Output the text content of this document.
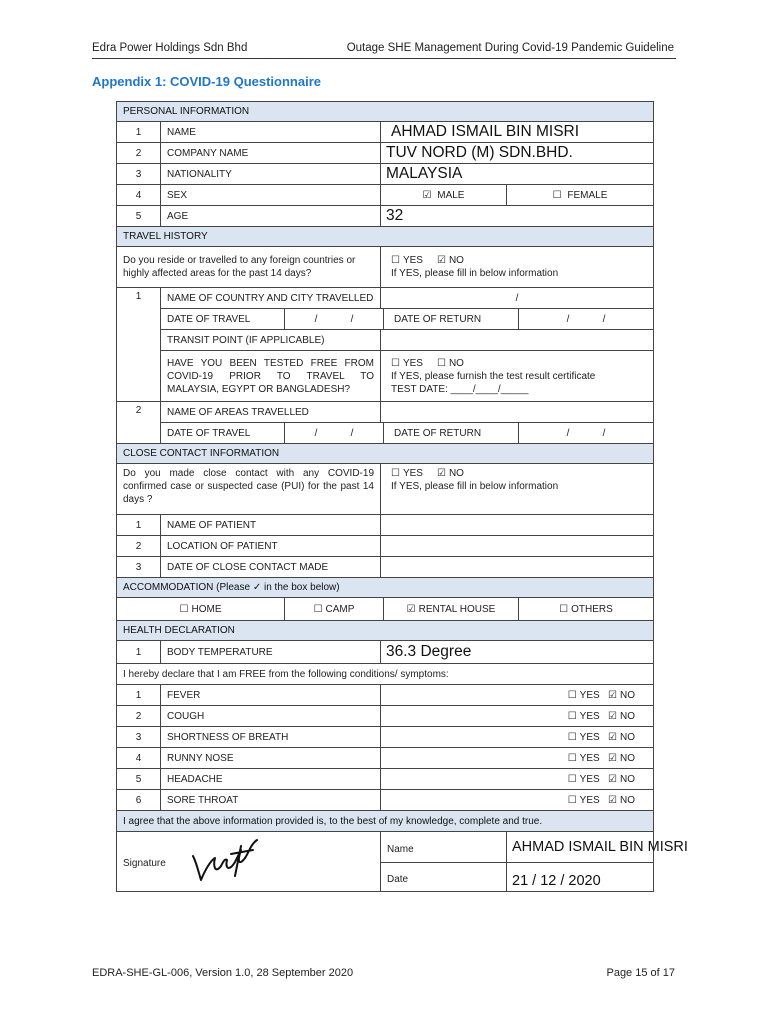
Edra Power Holdings Sdn Bhd	Outage SHE Management During Covid-19 Pandemic Guideline
Appendix 1: COVID-19 Questionnaire
PERSONAL INFORMATION						
1	NAME		AHMAD ISMAIL BIN MISRI			
2	COMPANY NAME		TUV NORD (M) SDN.BHD.			
3	NATIONALITY		MALAYSIA			
4	SEX		☑ MALE		☐ FEMALE	
5	AGE		32			
TRAVEL HISTORY						
Do you reside or travelled to any foreign countries or highly affected areas for the past 14 days?			☐ YES ☑ NO
If YES, please fill in below information			
1	NAME OF COUNTRY AND CITY TRAVELLED		/			
	DATE OF TRAVEL	/ /		DATE OF RETURN		/ /
	TRANSIT POINT (IF APPLICABLE)					
	HAVE YOU BEEN TESTED FREE FROM COVID-19 PRIOR TO TRAVEL TO MALAYSIA, EGYPT OR BANGLADESH?		☐ YES ☐ NO
If YES, please furnish the test result certificate
TEST DATE: ____/____/_____			
2	NAME OF AREAS TRAVELLED					
	DATE OF TRAVEL	/ /		DATE OF RETURN		/ /
CLOSE CONTACT INFORMATION						
Do you made close contact with any COVID-19 confirmed case or suspected case (PUI) for the past 14 days ?			☐ YES ☑ NO
If YES, please fill in below information			
1	NAME OF PATIENT					
2	LOCATION OF PATIENT					
3	DATE OF CLOSE CONTACT MADE					
ACCOMMODATION (Please ✓ in the box below)						
☐ HOME		☐ CAMP		☑ RENTAL HOUSE		☐ OTHERS
HEALTH DECLARATION						
1	BODY TEMPERATURE		36.3 Degree			
I hereby declare that I am FREE from the following conditions/ symptoms:						
1	FEVER		☐ YES ☑ NO			
2	COUGH		☐ YES ☑ NO			
3	SHORTNESS OF BREATH		☐ YES ☑ NO			
4	RUNNY NOSE		☐ YES ☑ NO			
5	HEADACHE		☐ YES ☑ NO			
6	SORE THROAT		☐ YES ☑ NO			
I agree that the above information provided is, to the best of my knowledge, complete and true.						
Signature			Name		AHMAD ISMAIL BIN MISRI	
			Date		21 / 12 / 2020	
EDRA-SHE-GL-006, Version 1.0, 28 September 2020	Page 15 of 17
